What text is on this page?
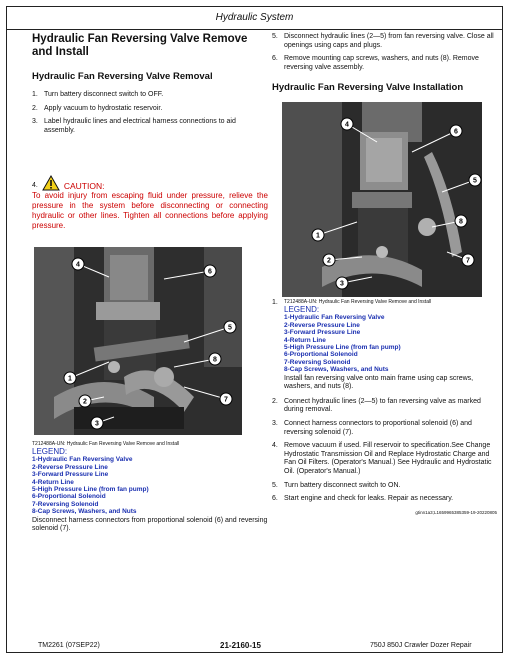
Hydraulic System
Hydraulic Fan Reversing Valve Remove and Install
Hydraulic Fan Reversing Valve Removal
1. Turn battery disconnect switch to OFF.
2. Apply vacuum to hydrostatic reservoir.
3. Label hydraulic lines and electrical harness connections to aid assembly.
4.	CAUTION:
To avoid injury from escaping fluid under pressure, relieve the pressure in the system before disconnecting or connecting hydraulic or other lines. Tighten all connections before applying pressure.
4
6
5
8
1
7
2
3
T212488A-UN: Hydraulic Fan Reversing Valve Remove and Install
LEGEND:
1-Hydraulic Fan Reversing Valve
2-Reverse Pressure Line
3-Forward Pressure Line
4-Return Line
5-High Pressure Line (from fan pump)
6-Proportional Solenoid
7-Reversing Solenoid
8-Cap Screws, Washers, and Nuts
Disconnect harness connectors from proportional solenoid (6) and reversing solenoid (7).
5. Disconnect hydraulic lines (2—5) from fan reversing valve. Close all openings using caps and plugs.
6. Remove mounting cap screws, washers, and nuts (8). Remove reversing valve assembly.
Hydraulic Fan Reversing Valve Installation
4
6
5
8
1
2	7
3
1.	T212488A-UN: Hydraulic Fan Reversing Valve Remove and Install
LEGEND:
1-Hydraulic Fan Reversing Valve
2-Reverse Pressure Line
3-Forward Pressure Line
4-Return Line
5-High Pressure Line (from fan pump)
6-Proportional Solenoid
7-Reversing Solenoid
8-Cap Screws, Washers, and Nuts
Install fan reversing valve onto main frame using cap screws, washers, and nuts (8).
2. Connect hydraulic lines (2—5) to fan reversing valve as marked during removal.
3. Connect harness connectors to proportional solenoid (6) and reversing solenoid (7).
4. Remove vacuum if used. Fill reservoir to specification.See Change Hydrostatic Transmission Oil and Replace Hydrostatic Charge and Fan Oil Filters. (Operator's Manual.) See Hydraulic and Hydrostatic Oil. (Operator's Manual.)
5. Turn battery disconnect switch to ON.
6. Start engine and check for leaks. Repair as necessary.
gtinn1a3;L1659965385359-19-20220805
TM2261 (07SEP22)	21-2160-15	750J 850J Crawler Dozer Repair
